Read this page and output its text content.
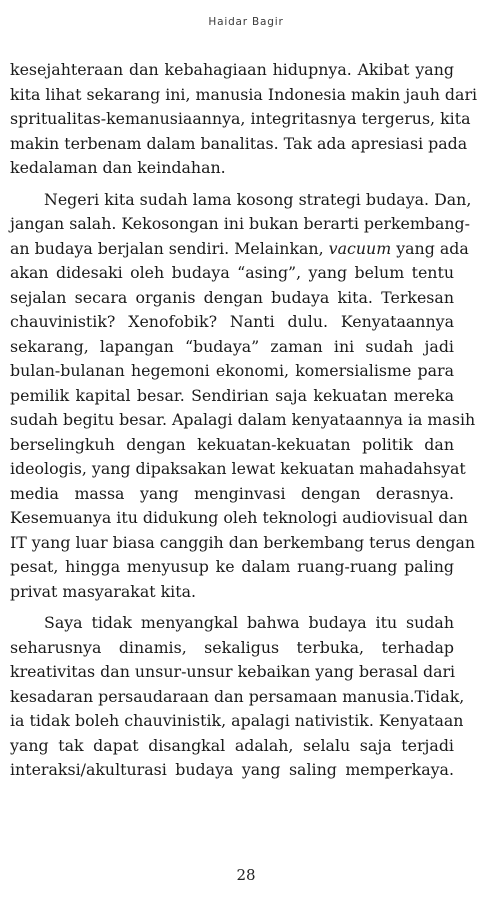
Haidar Bagir
kesejahteraan dan kebahagiaan hidupnya. Akibat yang
kita lihat sekarang ini, manusia Indonesia makin jauh dari
spritualitas-kemanusiaannya, integritasnya tergerus, kita
makin terbenam dalam banalitas. Tak ada apresiasi pada
kedalaman dan keindahan.
Negeri kita sudah lama kosong strategi budaya. Dan,
jangan salah. Kekosongan ini bukan berarti perkembang-
an budaya berjalan sendiri. Melainkan, vacuum yang ada
akan didesaki oleh budaya “asing”, yang belum tentu
sejalan secara organis dengan budaya kita. Terkesan
chauvinistik? Xenofobik? Nanti dulu. Kenyataannya
sekarang, lapangan “budaya” zaman ini sudah jadi
bulan-bulanan hegemoni ekonomi, komersialisme para
pemilik kapital besar. Sendirian saja kekuatan mereka
sudah begitu besar. Apalagi dalam kenyataannya ia masih
berselingkuh dengan kekuatan-kekuatan politik dan
ideologis, yang dipaksakan lewat kekuatan mahadahsyat
media massa yang menginvasi dengan derasnya.
Kesemuanya itu didukung oleh teknologi audiovisual dan
IT yang luar biasa canggih dan berkembang terus dengan
pesat, hingga menyusup ke dalam ruang-ruang paling
privat masyarakat kita.
Saya tidak menyangkal bahwa budaya itu sudah
seharusnya dinamis, sekaligus terbuka, terhadap
kreativitas dan unsur-unsur kebaikan yang berasal dari
kesadaran persaudaraan dan persamaan manusia.Tidak,
ia tidak boleh chauvinistik, apalagi nativistik. Kenyataan
yang tak dapat disangkal adalah, selalu saja terjadi
interaksi/akulturasi budaya yang saling memperkaya.
28
